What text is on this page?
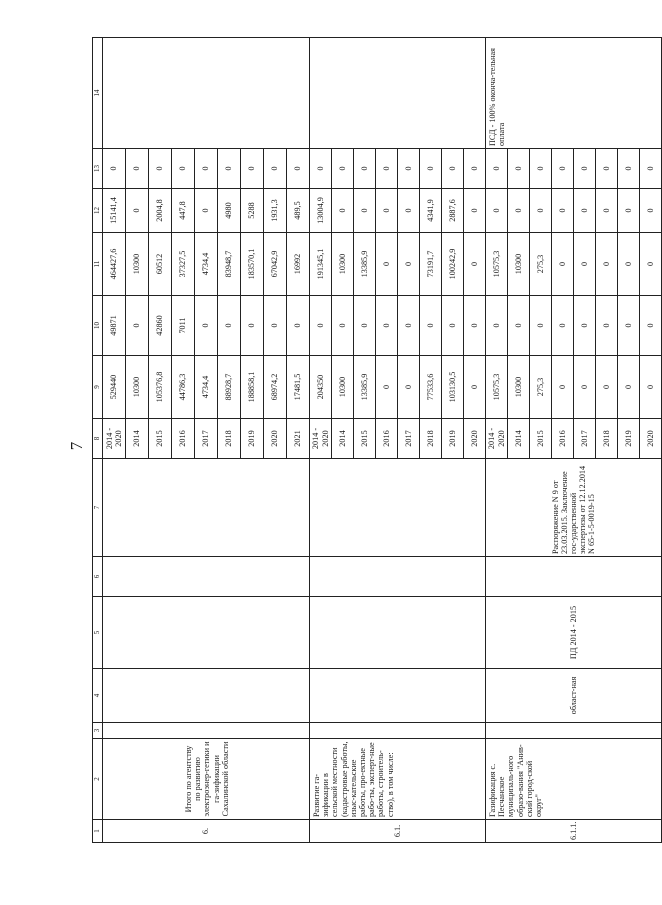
7
1	2	3	4	5	6	7	8	9	10	11	12	13	14
6.	Итого по агентству по развитию электроэнер-гетики и га-зификации Сахалинской области						2014 - 2020	529440	49871	464427,6	15141,4	0	
							2014	10300	0	10300	0	0	
							2015	105376,8	42860	60512	2004,8	0	
							2016	44786,3	7011	37327,5	447,8	0	
							2017	4734,4	0	4734,4	0	0	
							2018	88928,7	0	83948,7	4980	0	
							2019	188858,1	0	183570,1	5288	0	
							2020	68974,2	0	67042,9	1931,3	0	
							2021	17481,5	0	16992	489,5	0	
6.1.	Развитие га-зификации в сельской местности (кадастровые работы, изыс-кательские работы, про-ектные рабо-ты, эксперт-ные работы, строитель-ство), в том числе:						2014 - 2020	204350	0	191345,1	13004,9	0	
							2014	10300	0	10300	0	0	
							2015	13385,9	0	13385,9	0	0	
							2016	0	0	0	0	0	
							2017	0	0	0	0	0	
							2018	77533,6	0	73191,7	4341,9	0	
							2019	103130,5	0	100242,9	2887,6	0	
							2020	0	0	0	0	0	
6.1.1.	Газификация с. Песчанское муниципаль-ного образо-вания "Анив-ский город-ской округ"		област-ная	ПД 2014 - 2015		Распоряжение N 9 от 23.03.2015. Заключение гос-ударственной экспертизы от 12.12.2014 N 65-1-5-0019-15	2014 - 2020	10575,3	0	10575,3	0	0	ПСД - 100% оконча-тельная оплата
							2014	10300	0	10300	0	0	
							2015	275,3	0	275,3	0	0	
							2016	0	0	0	0	0	
							2017	0	0	0	0	0	
							2018	0	0	0	0	0	
							2019	0	0	0	0	0	
							2020	0	0	0	0	0	
